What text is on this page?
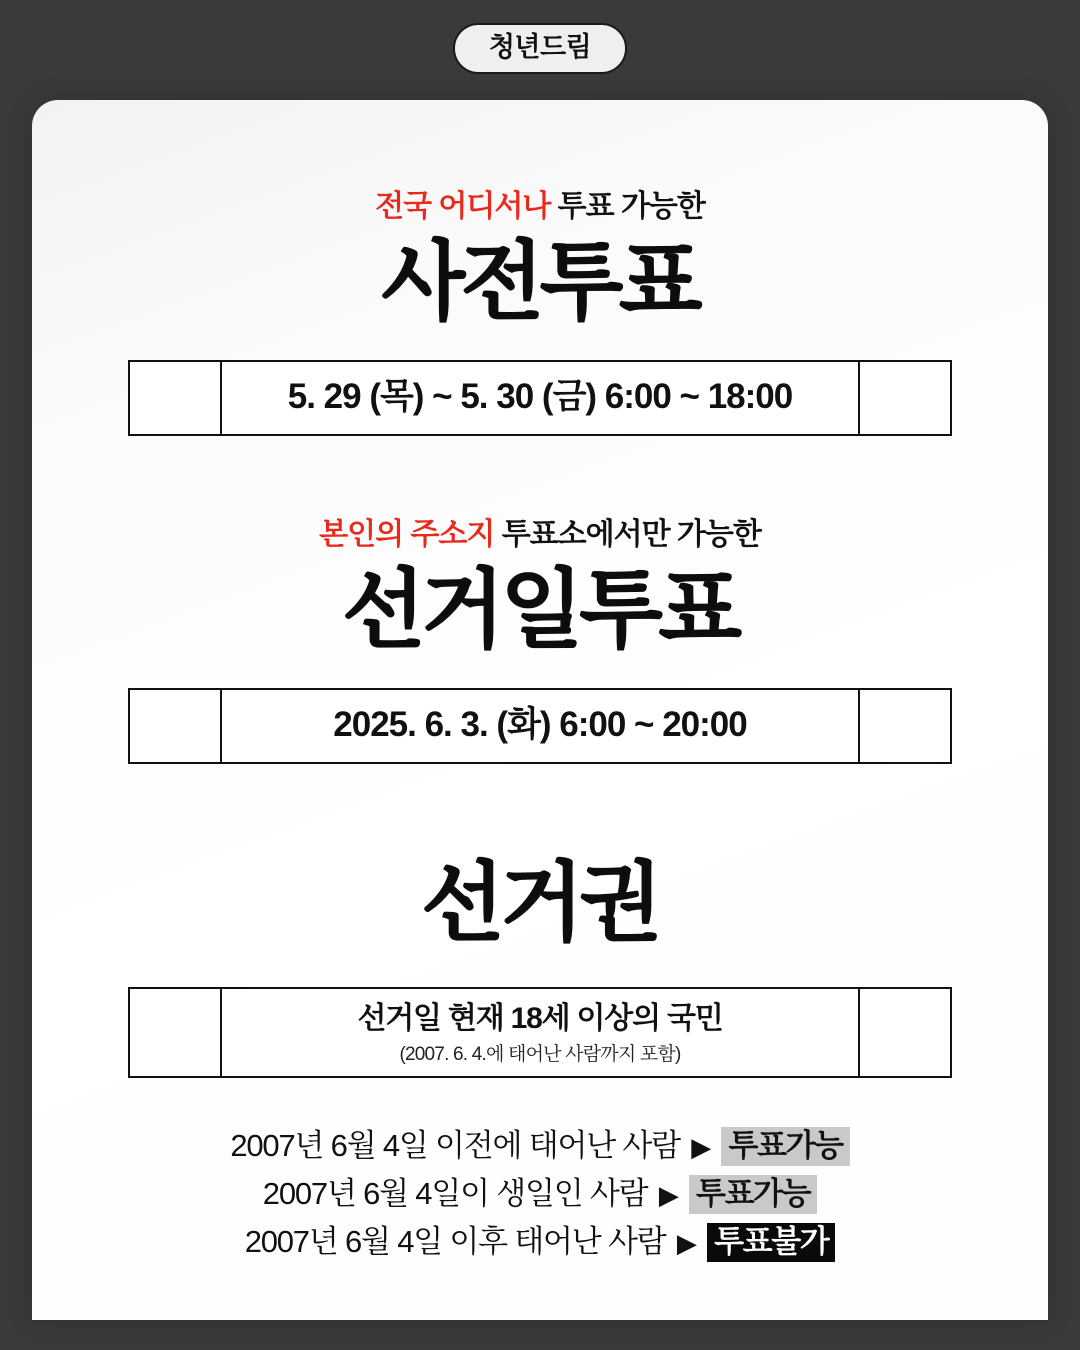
청년드림
전국 어디서나 투표 가능한
사전투표
5. 29 (목) ~ 5. 30 (금) 6:00 ~ 18:00
본인의 주소지 투표소에서만 가능한
선거일투표
2025. 6. 3. (화) 6:00 ~ 20:00
선거권
선거일 현재 18세 이상의 국민
(2007. 6. 4.에 태어난 사람까지 포함)
2007년 6월 4일 이전에 태어난 사람 ▶ 투표가능
2007년 6월 4일이 생일인 사람 ▶ 투표가능
2007년 6월 4일 이후 태어난 사람 ▶ 투표불가
